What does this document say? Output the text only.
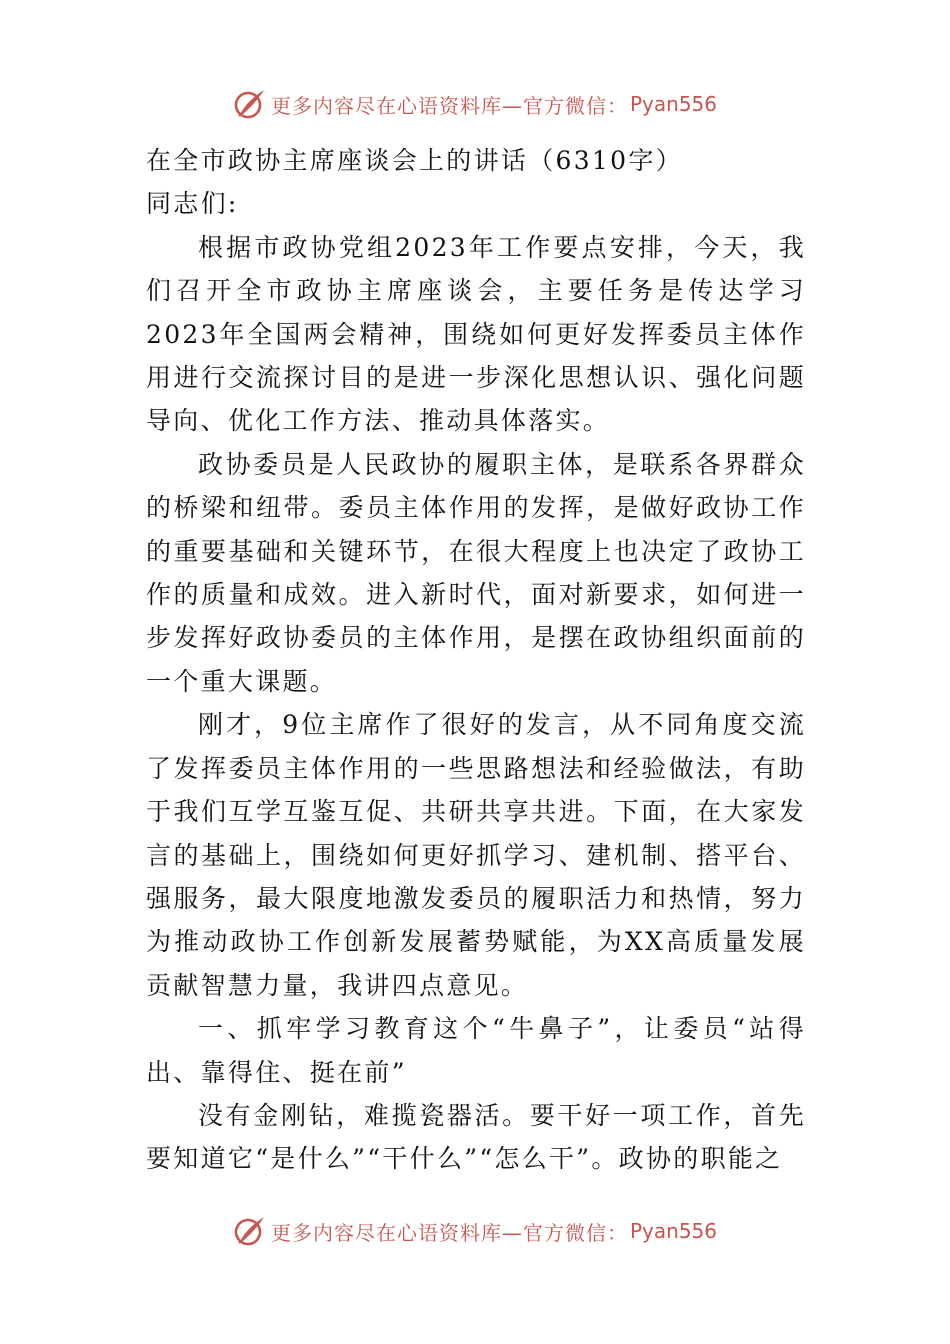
更多内容尽在心语资料库—官方微信： Pyan556

在全市政协主席座谈会上的讲话（6310字）

同志们:

根据市政协党组2023年工作要点安排，今天，我们召开全市政协主席座谈会，主要任务是传达学习2023年全国两会精神，围绕如何更好发挥委员主体作用进行交流探讨目的是进一步深化思想认识、强化问题导向、优化工作方法、推动具体落实。

政协委员是人民政协的履职主体，是联系各界群众的桥梁和纽带。委员主体作用的发挥，是做好政协工作的重要基础和关键环节，在很大程度上也决定了政协工作的质量和成效。进入新时代，面对新要求，如何进一步发挥好政协委员的主体作用，是摆在政协组织面前的一个重大课题。

刚才，9位主席作了很好的发言，从不同角度交流了发挥委员主体作用的一些思路想法和经验做法，有助于我们互学互鉴互促、共研共享共进。下面，在大家发言的基础上，围绕如何更好抓学习、建机制、搭平台、强服务，最大限度地激发委员的履职活力和热情，努力为推动政协工作创新发展蓄势赋能，为XX高质量发展贡献智慧力量，我讲四点意见。

一、抓牢学习教育这个“牛鼻子”，让委员“站得出、靠得住、挺在前”

没有金刚钻，难揽瓷器活。要干好一项工作，首先要知道它“是什么”“干什么”“怎么干”。政协的职能之

更多内容尽在心语资料库—官方微信： Pyan556
